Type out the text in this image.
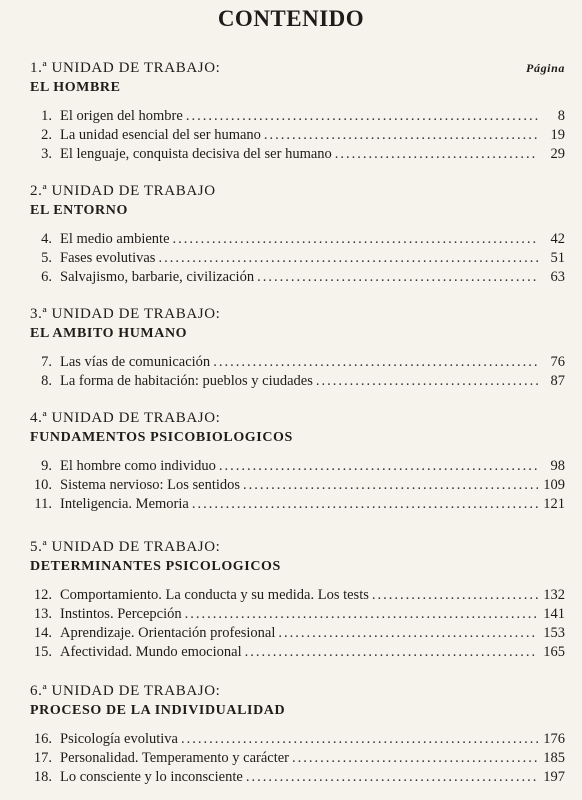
CONTENIDO
1.ª UNIDAD DE TRABAJO:	Página
EL HOMBRE
1. El origen del hombre .....	8
2. La unidad esencial del ser humano .....	19
3. El lenguaje, conquista decisiva del ser humano .....	29
2.ª UNIDAD DE TRABAJO
EL ENTORNO
4. El medio ambiente .....	42
5. Fases evolutivas .....	51
6. Salvajismo, barbarie, civilización .....	63
3.ª UNIDAD DE TRABAJO:
EL AMBITO HUMANO
7. Las vías de comunicación .....	76
8. La forma de habitación: pueblos y ciudades .....	87
4.ª UNIDAD DE TRABAJO:
FUNDAMENTOS PSICOBIOLOGICOS
9. El hombre como individuo .....	98
10. Sistema nervioso: Los sentidos .....	109
11. Inteligencia. Memoria .....	121
5.ª UNIDAD DE TRABAJO:
DETERMINANTES PSICOLOGICOS
12. Comportamiento. La conducta y su medida. Los tests .....	132
13. Instintos. Percepción .....	141
14. Aprendizaje. Orientación profesional .....	153
15. Afectividad. Mundo emocional .....	165
6.ª UNIDAD DE TRABAJO:
PROCESO DE LA INDIVIDUALIDAD
16. Psicología evolutiva .....	176
17. Personalidad. Temperamento y carácter .....	185
18. Lo consciente y lo inconsciente .....	197
